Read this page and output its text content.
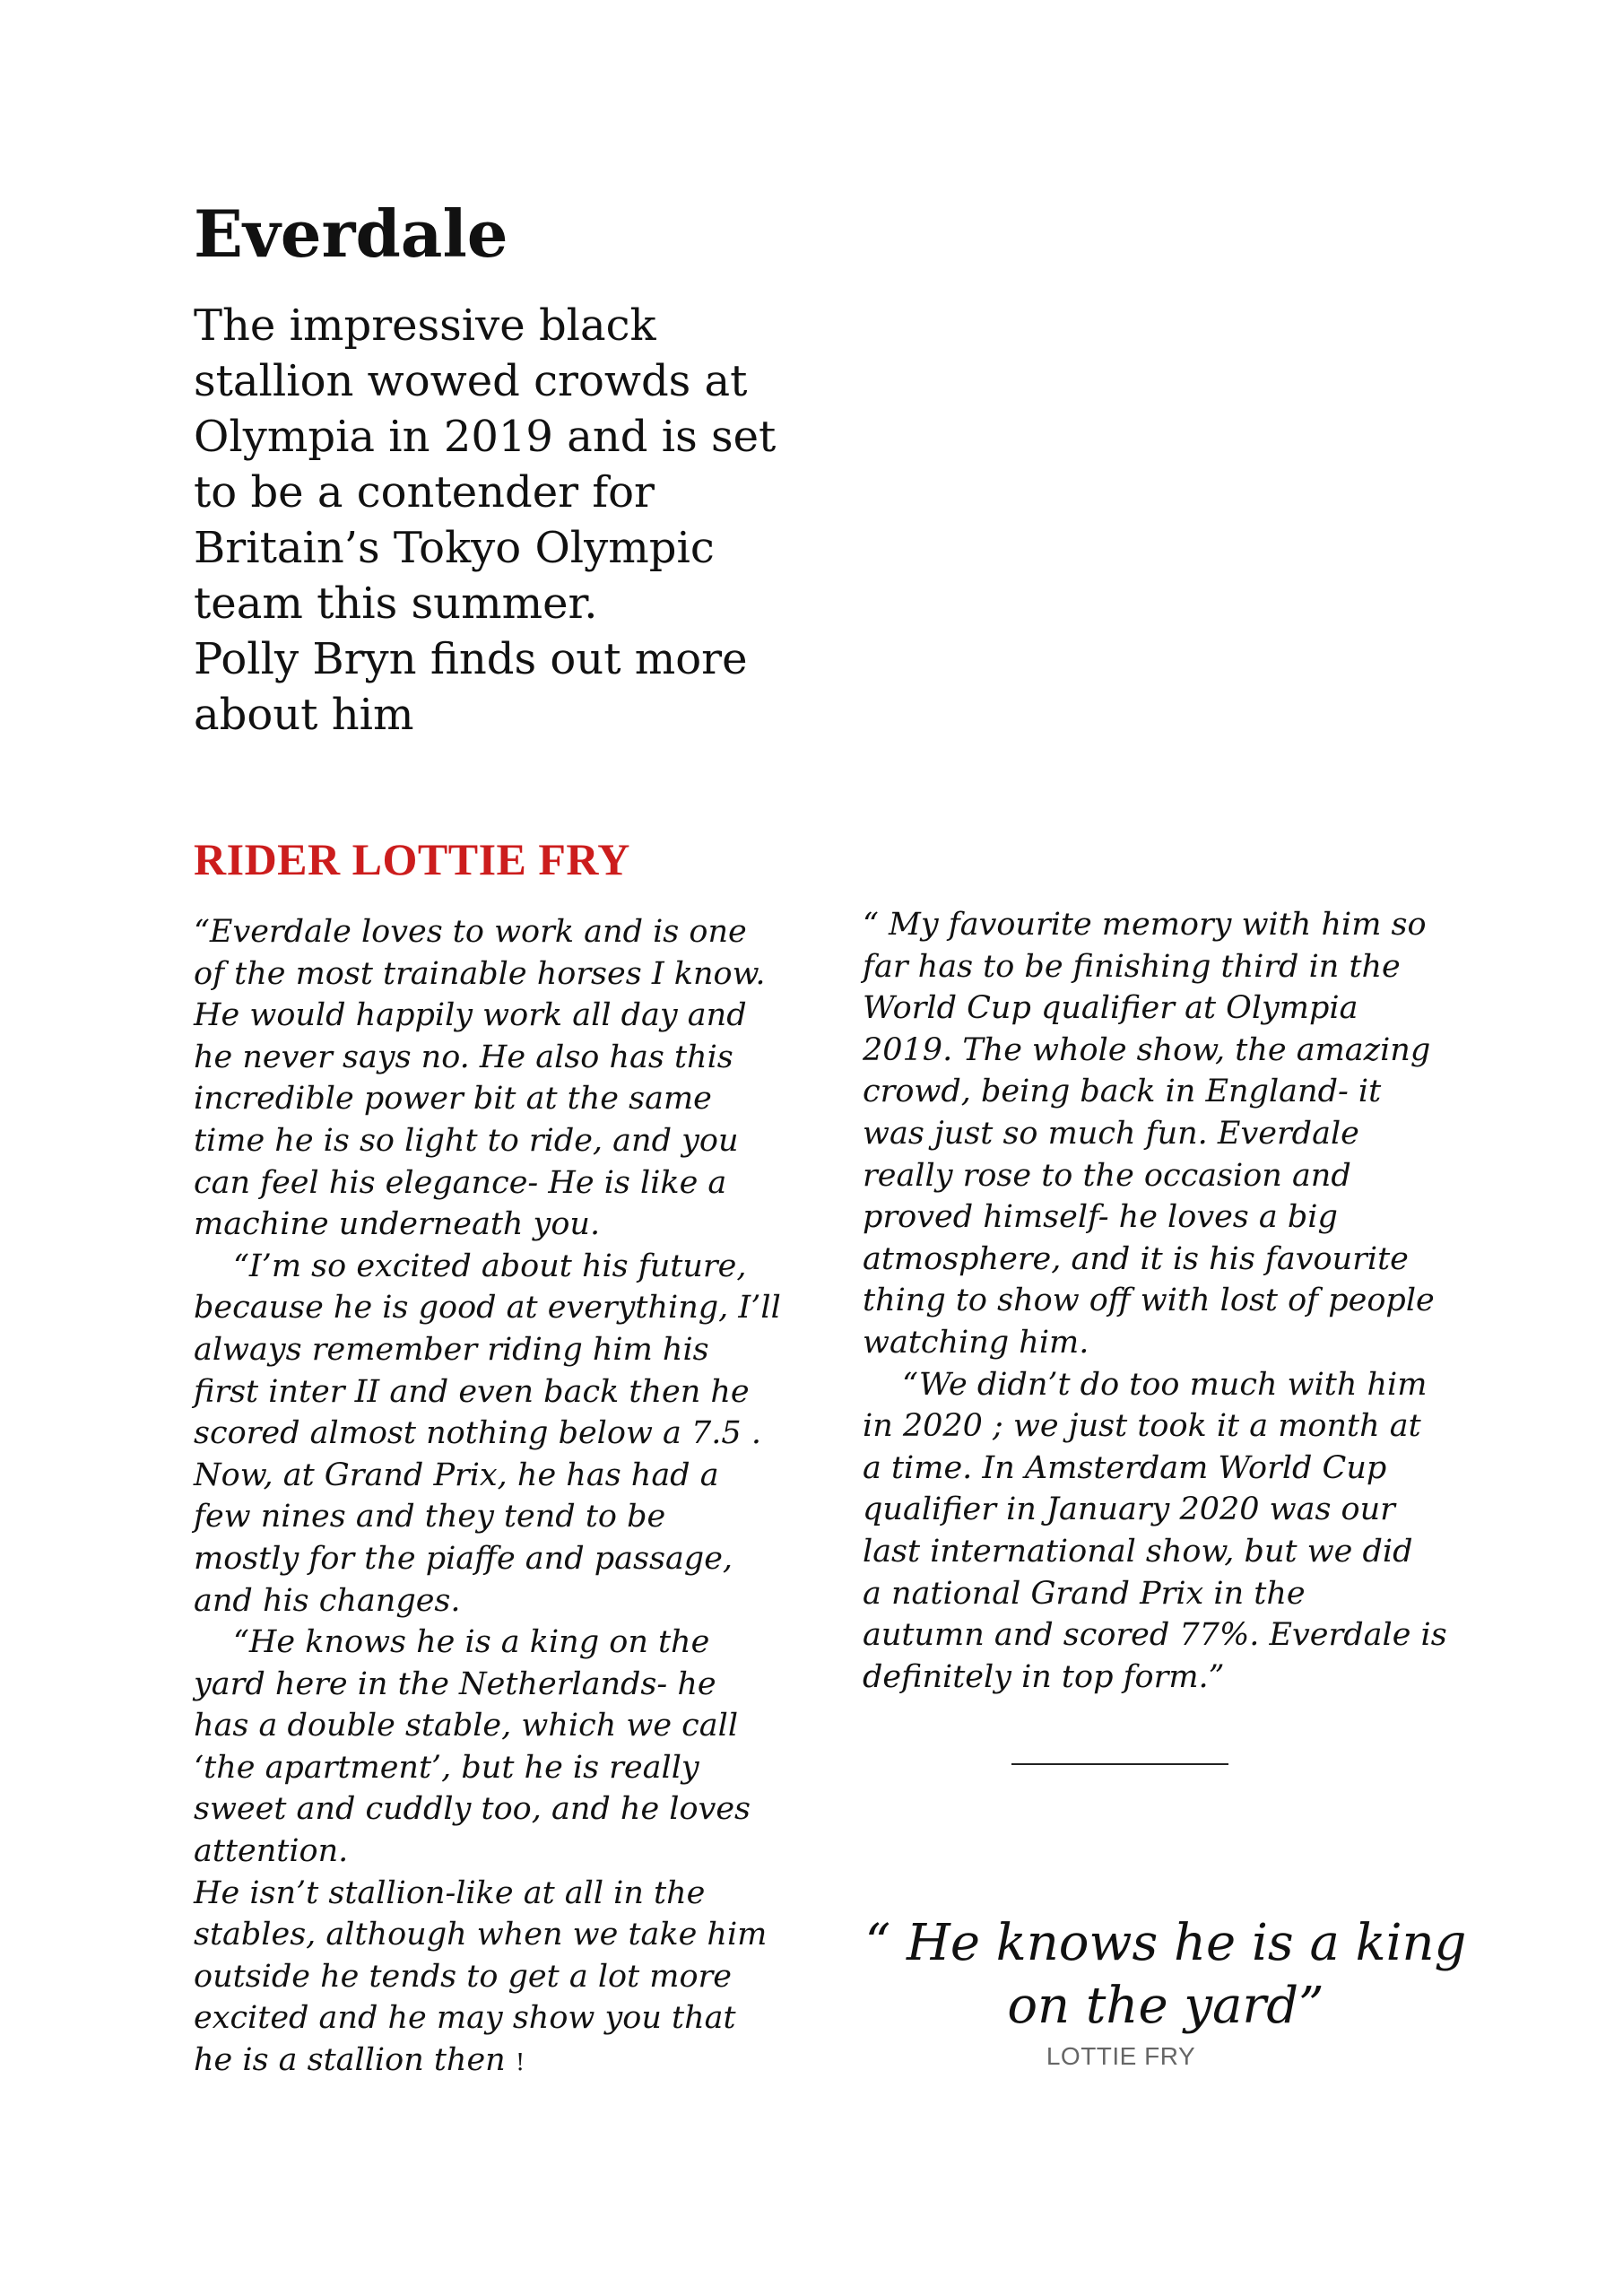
Everdale

The impressive black
stallion wowed crowds at
Olympia in 2019 and is set
to be a contender for
Britain’s Tokyo Olympic
team this summer.
Polly Bryn finds out more
about him

RIDER LOTTIE FRY
“Everdale loves to work and is one
of the most trainable horses I know.
He would happily work all day and
he never says no. He also has this
incredible power bit at the same
time he is so light to ride, and you
can feel his elegance- He is like a
machine underneath you.
“I’m so excited about his future,
because he is good at everything, I’ll
always remember riding him his
first inter II and even back then he
scored almost nothing below a 7.5 .
Now, at Grand Prix, he has had a
few nines and they tend to be
mostly for the piaffe and passage,
and his changes.
“He knows he is a king on the
yard here in the Netherlands- he
has a double stable, which we call
‘the apartment’, but he is really
sweet and cuddly too, and he loves
attention.
He isn’t stallion-like at all in the
stables, although when we take him
outside he tends to get a lot more
excited and he may show you that
he is a stallion then !
“ My favourite memory with him so
far has to be finishing third in the
World Cup qualifier at Olympia
2019. The whole show, the amazing
crowd, being back in England- it
was just so much fun. Everdale
really rose to the occasion and
proved himself- he loves a big
atmosphere, and it is his favourite
thing to show off with lost of people
watching him.
“We didn’t do too much with him
in 2020 ; we just took it a month at
a time. In Amsterdam World Cup
qualifier in January 2020 was our
last international show, but we did
a national Grand Prix in the
autumn and scored 77%. Everdale is
definitely in top form.”
“ He knows he is a king
on the yard”
LOTTIE FRY
